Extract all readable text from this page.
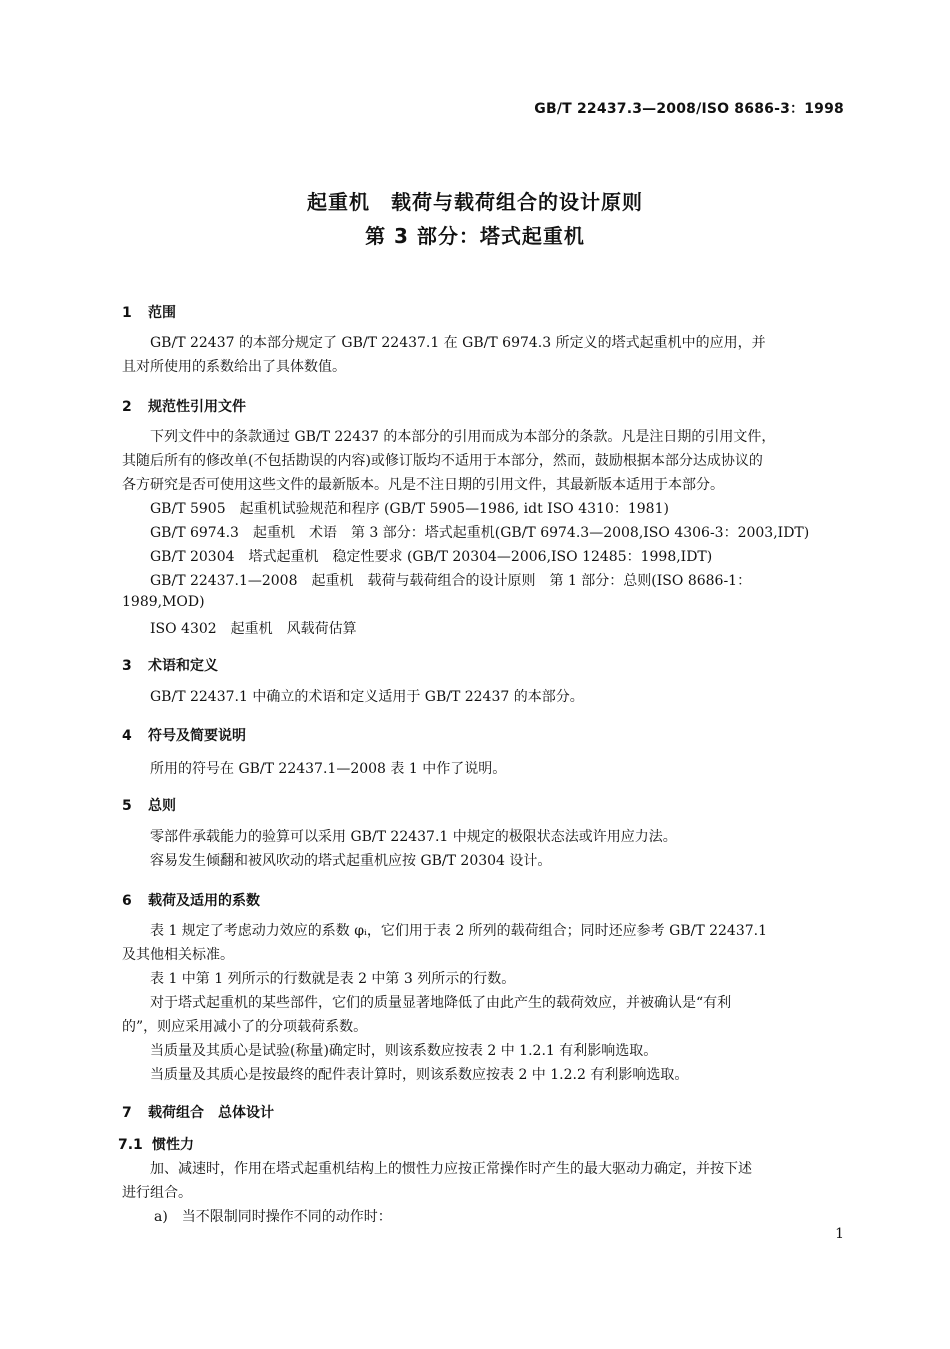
GB/T 22437.3—2008/ISO 8686-3：1998
起重机　载荷与载荷组合的设计原则
第 3 部分：塔式起重机
1 范围
GB/T 22437 的本部分规定了 GB/T 22437.1 在 GB/T 6974.3 所定义的塔式起重机中的应用，并
且对所使用的系数给出了具体数值。
2 规范性引用文件
下列文件中的条款通过 GB/T 22437 的本部分的引用而成为本部分的条款。凡是注日期的引用文件，
其随后所有的修改单(不包括勘误的内容)或修订版均不适用于本部分，然而，鼓励根据本部分达成协议的
各方研究是否可使用这些文件的最新版本。凡是不注日期的引用文件，其最新版本适用于本部分。
GB/T 5905　起重机试验规范和程序 (GB/T 5905—1986, idt ISO 4310：1981)
GB/T 6974.3　起重机　术语　第 3 部分：塔式起重机(GB/T 6974.3—2008,ISO 4306-3：2003,IDT)
GB/T 20304　塔式起重机　稳定性要求 (GB/T 20304—2006,ISO 12485：1998,IDT)
GB/T 22437.1—2008　起重机　载荷与载荷组合的设计原则　第 1 部分：总则(ISO 8686-1：
1989,MOD)
ISO 4302　起重机　风载荷估算
3 术语和定义
GB/T 22437.1 中确立的术语和定义适用于 GB/T 22437 的本部分。
4 符号及简要说明
所用的符号在 GB/T 22437.1—2008 表 1 中作了说明。
5 总则
零部件承载能力的验算可以采用 GB/T 22437.1 中规定的极限状态法或许用应力法。
容易发生倾翻和被风吹动的塔式起重机应按 GB/T 20304 设计。
6 载荷及适用的系数
表 1 规定了考虑动力效应的系数 φᵢ，它们用于表 2 所列的载荷组合；同时还应参考 GB/T 22437.1
及其他相关标准。
表 1 中第 1 列所示的行数就是表 2 中第 3 列所示的行数。
对于塔式起重机的某些部件，它们的质量显著地降低了由此产生的载荷效应，并被确认是“有利
的”，则应采用减小了的分项载荷系数。
当质量及其质心是试验(称量)确定时，则该系数应按表 2 中 1.2.1 有利影响选取。
当质量及其质心是按最终的配件表计算时，则该系数应按表 2 中 1.2.2 有利影响选取。
7 载荷组合　总体设计
7.1 惯性力
加、减速时，作用在塔式起重机结构上的惯性力应按正常操作时产生的最大驱动力确定，并按下述
进行组合。
a)　当不限制同时操作不同的动作时：
1
